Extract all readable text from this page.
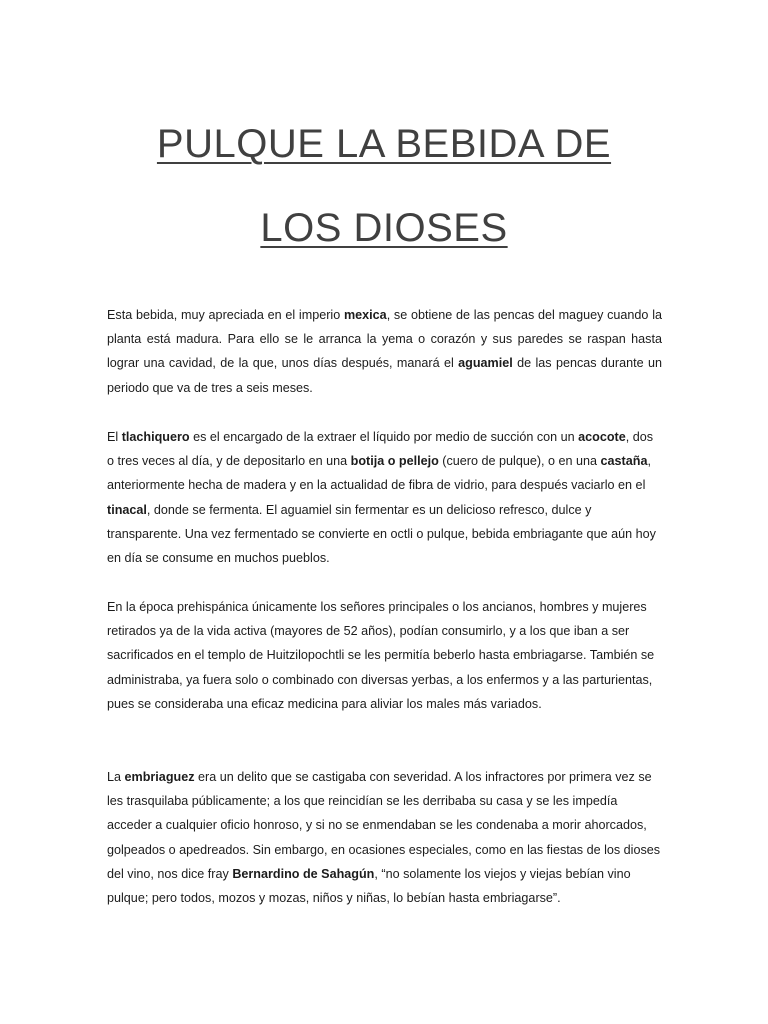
PULQUE LA BEBIDA DE
LOS DIOSES

Esta bebida, muy apreciada en el imperio mexica, se obtiene de las pencas del maguey cuando la planta está madura. Para ello se le arranca la yema o corazón y sus paredes se raspan hasta lograr una cavidad, de la que, unos días después, manará el aguamiel de las pencas durante un periodo que va de tres a seis meses.

El tlachiquero es el encargado de la extraer el líquido por medio de succión con un acocote, dos o tres veces al día, y de depositarlo en una botija o pellejo (cuero de pulque), o en una castaña, anteriormente hecha de madera y en la actualidad de fibra de vidrio, para después vaciarlo en el tinacal, donde se fermenta. El aguamiel sin fermentar es un delicioso refresco, dulce y transparente. Una vez fermentado se convierte en octli o pulque, bebida embriagante que aún hoy en día se consume en muchos pueblos.

En la época prehispánica únicamente los señores principales o los ancianos, hombres y mujeres retirados ya de la vida activa (mayores de 52 años), podían consumirlo, y a los que iban a ser sacrificados en el templo de Huitzilopochtli se les permitía beberlo hasta embriagarse. También se administraba, ya fuera solo o combinado con diversas yerbas, a los enfermos y a las parturientas, pues se consideraba una eficaz medicina para aliviar los males más variados.

La embriaguez era un delito que se castigaba con severidad. A los infractores por primera vez se les trasquilaba públicamente; a los que reincidían se les derribaba su casa y se les impedía acceder a cualquier oficio honroso, y si no se enmendaban se les condenaba a morir ahorcados, golpeados o apedreados. Sin embargo, en ocasiones especiales, como en las fiestas de los dioses del vino, nos dice fray Bernardino de Sahagún, “no solamente los viejos y viejas bebían vino pulque; pero todos, mozos y mozas, niños y niñas, lo bebían hasta embriagarse”.
